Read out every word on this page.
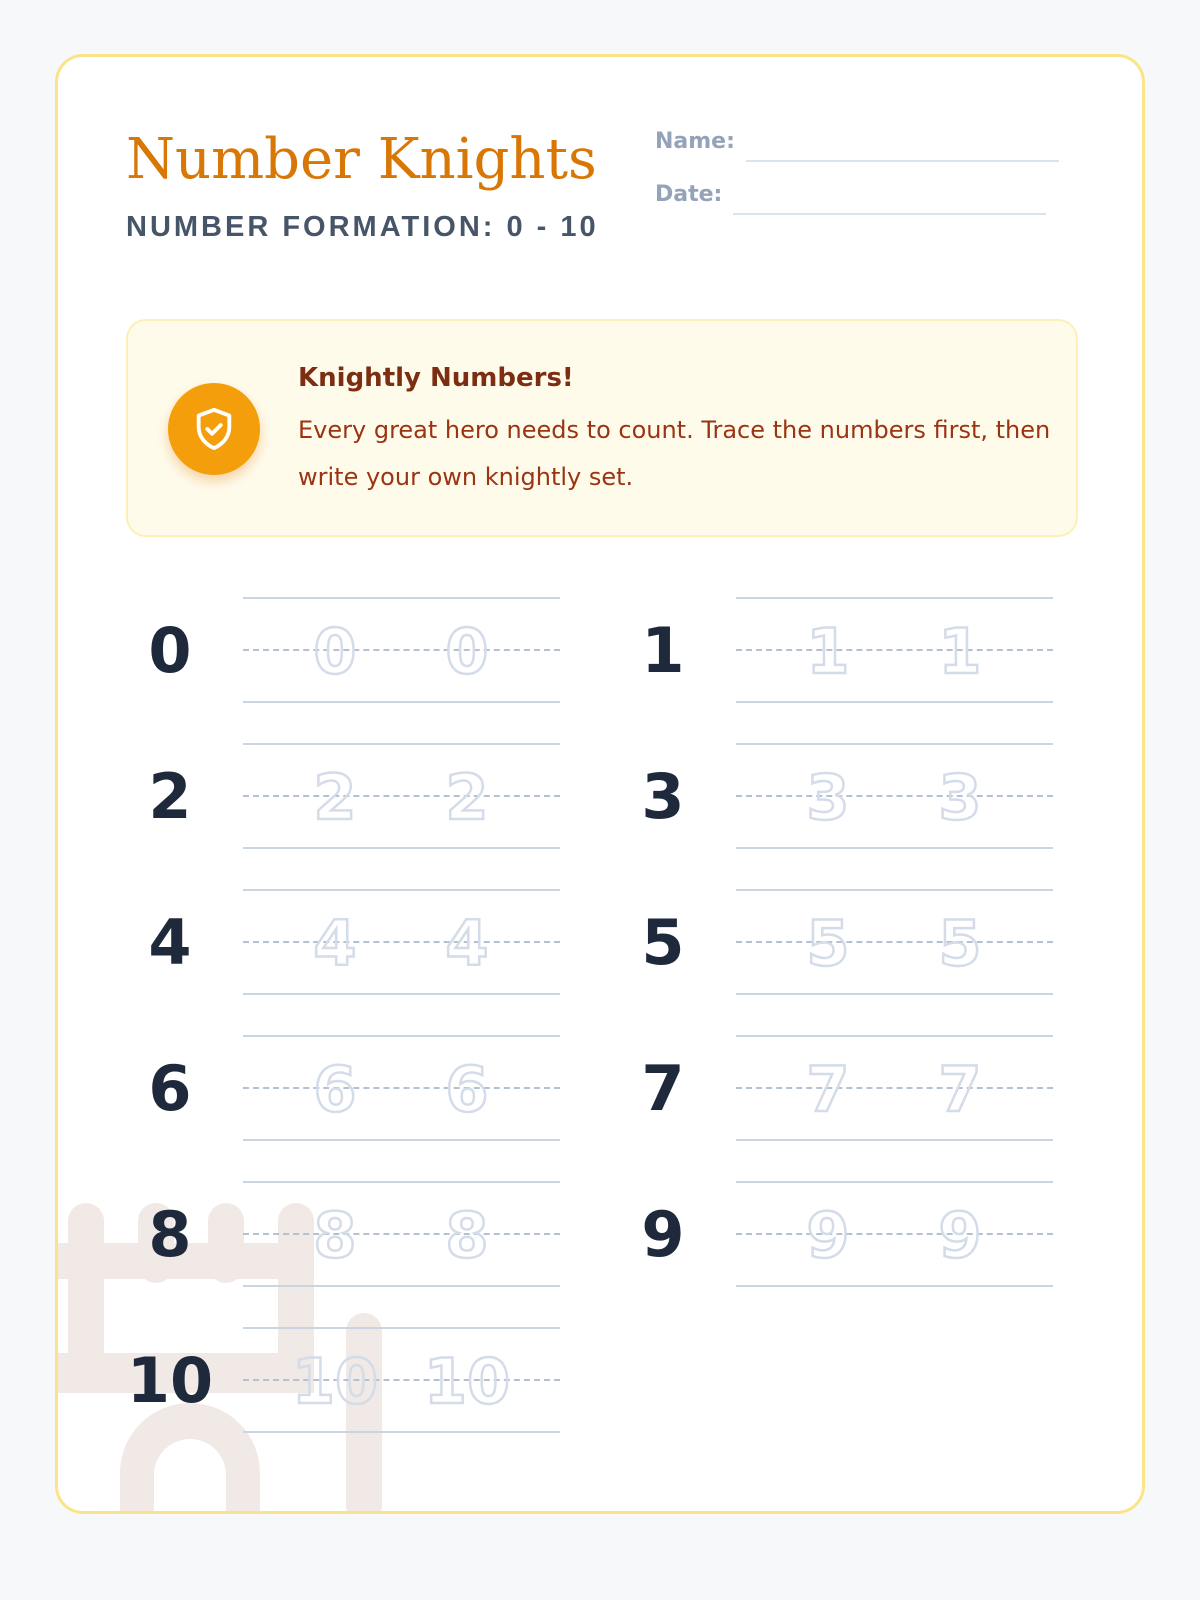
Number Knights
NUMBER FORMATION: 0 - 10
Name:
Date:
Knightly Numbers!
Every great hero needs to count. Trace the numbers first, then write your own knightly set.
0	0	0	1	1	1
2	2	2	3	3	3
4	4	4	5	5	5
6	6	6	7	7	7
8	8	8	9	9	9
10 10 10
